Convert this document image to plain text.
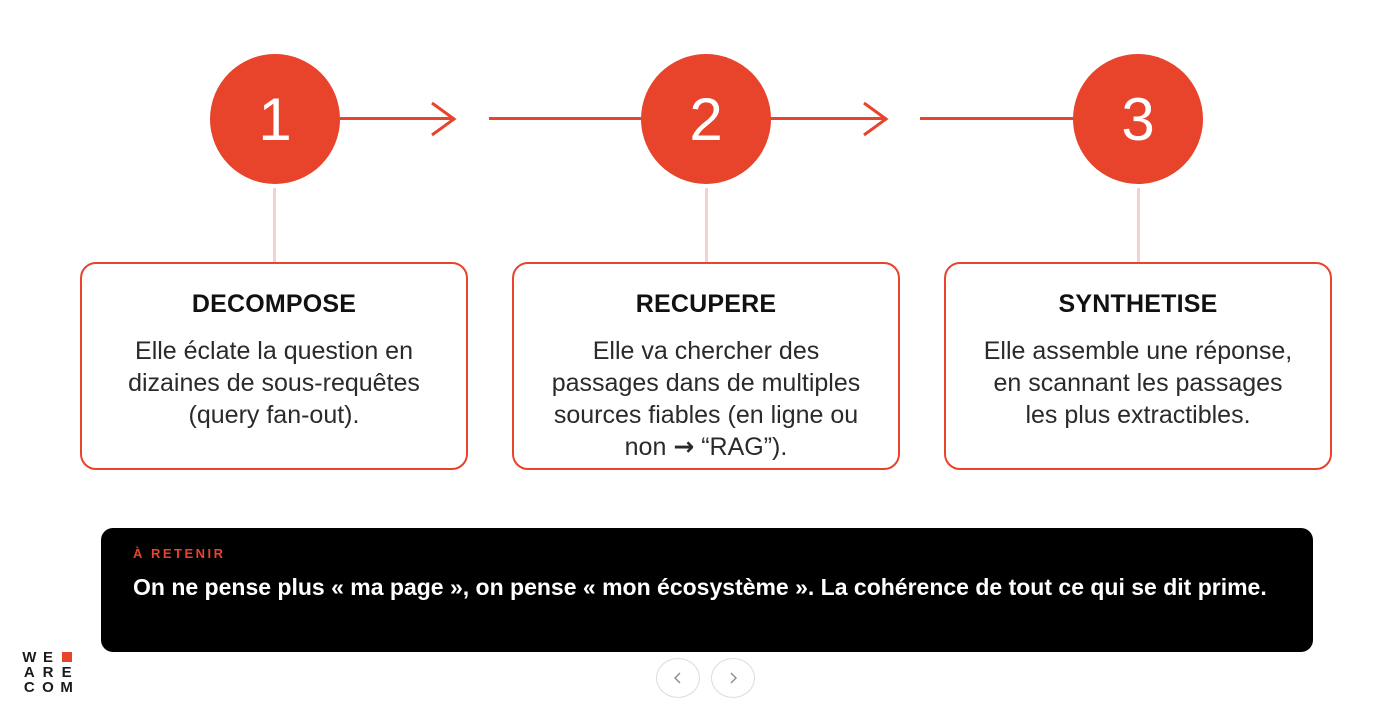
1	2	3
DECOMPOSE
Elle éclate la question en
dizaines de sous-requêtes
(query fan-out).
RECUPERE
Elle va chercher des
passages dans de multiples
sources fiables (en ligne ou
non → “RAG”).
SYNTHETISE
Elle assemble une réponse,
en scannant les passages
les plus extractibles.
À RETENIR
On ne pense plus « ma page », on pense « mon écosystème ». La cohérence de tout ce qui se dit prime.
W E
A R E
C O M
